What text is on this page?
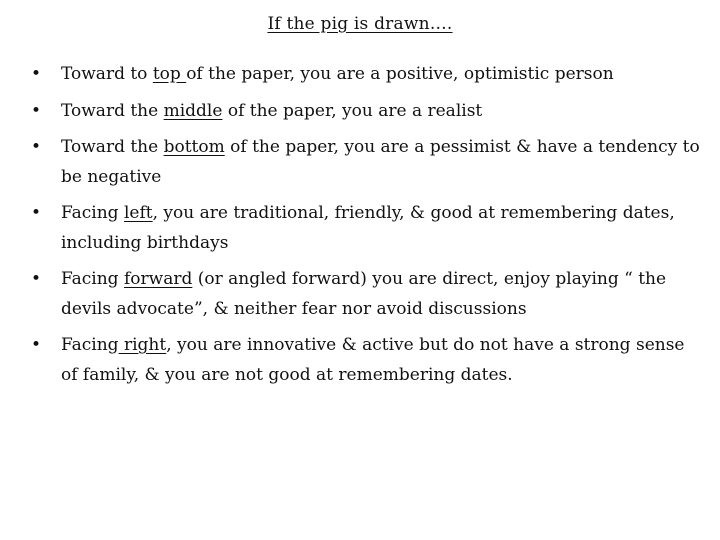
If the pig is drawn….
• Toward to top of the paper, you are a positive, optimistic person
• Toward the middle of the paper, you are a realist
• Toward the bottom of the paper, you are a pessimist & have a tendency to be negative
• Facing left, you are traditional, friendly, & good at remembering dates, including birthdays
• Facing forward (or angled forward) you are direct, enjoy playing “ the devils advocate”, & neither fear nor avoid discussions
• Facing right, you are innovative & active but do not have a strong sense of family, & you are not good at remembering dates.
